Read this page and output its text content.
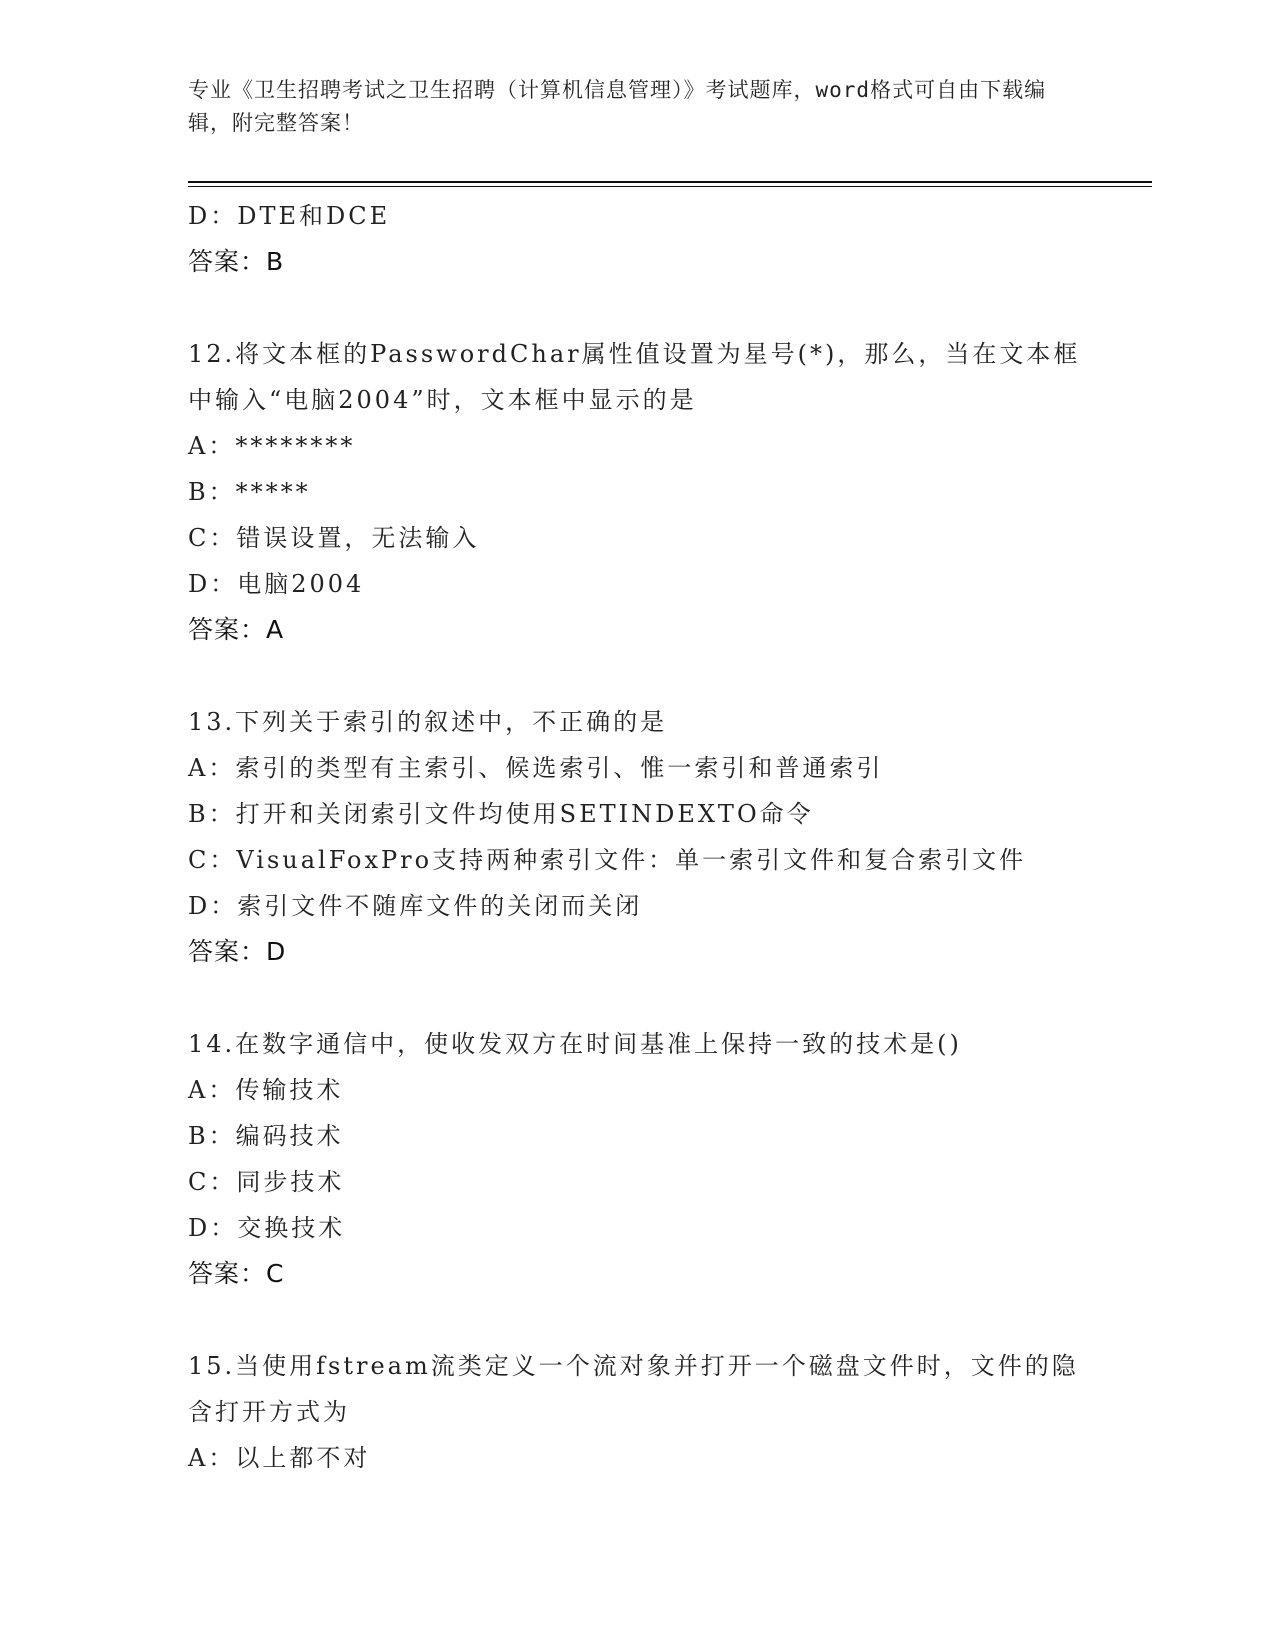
专业《卫生招聘考试之卫生招聘（计算机信息管理）》考试题库，word格式可自由下载编辑，附完整答案！
D：DTE和DCE
答案：B
12.将文本框的PasswordChar属性值设置为星号(*)，那么，当在文本框中输入“电脑2004”时，文本框中显示的是
A：********
B：*****
C：错误设置，无法输入
D：电脑2004
答案：A
13.下列关于索引的叙述中，不正确的是
A：索引的类型有主索引、候选索引、惟一索引和普通索引
B：打开和关闭索引文件均使用SETINDEXTO命令
C：VisualFoxPro支持两种索引文件：单一索引文件和复合索引文件
D：索引文件不随库文件的关闭而关闭
答案：D
14.在数字通信中，使收发双方在时间基准上保持一致的技术是()
A：传输技术
B：编码技术
C：同步技术
D：交换技术
答案：C
15.当使用fstream流类定义一个流对象并打开一个磁盘文件时，文件的隐含打开方式为
A：以上都不对
